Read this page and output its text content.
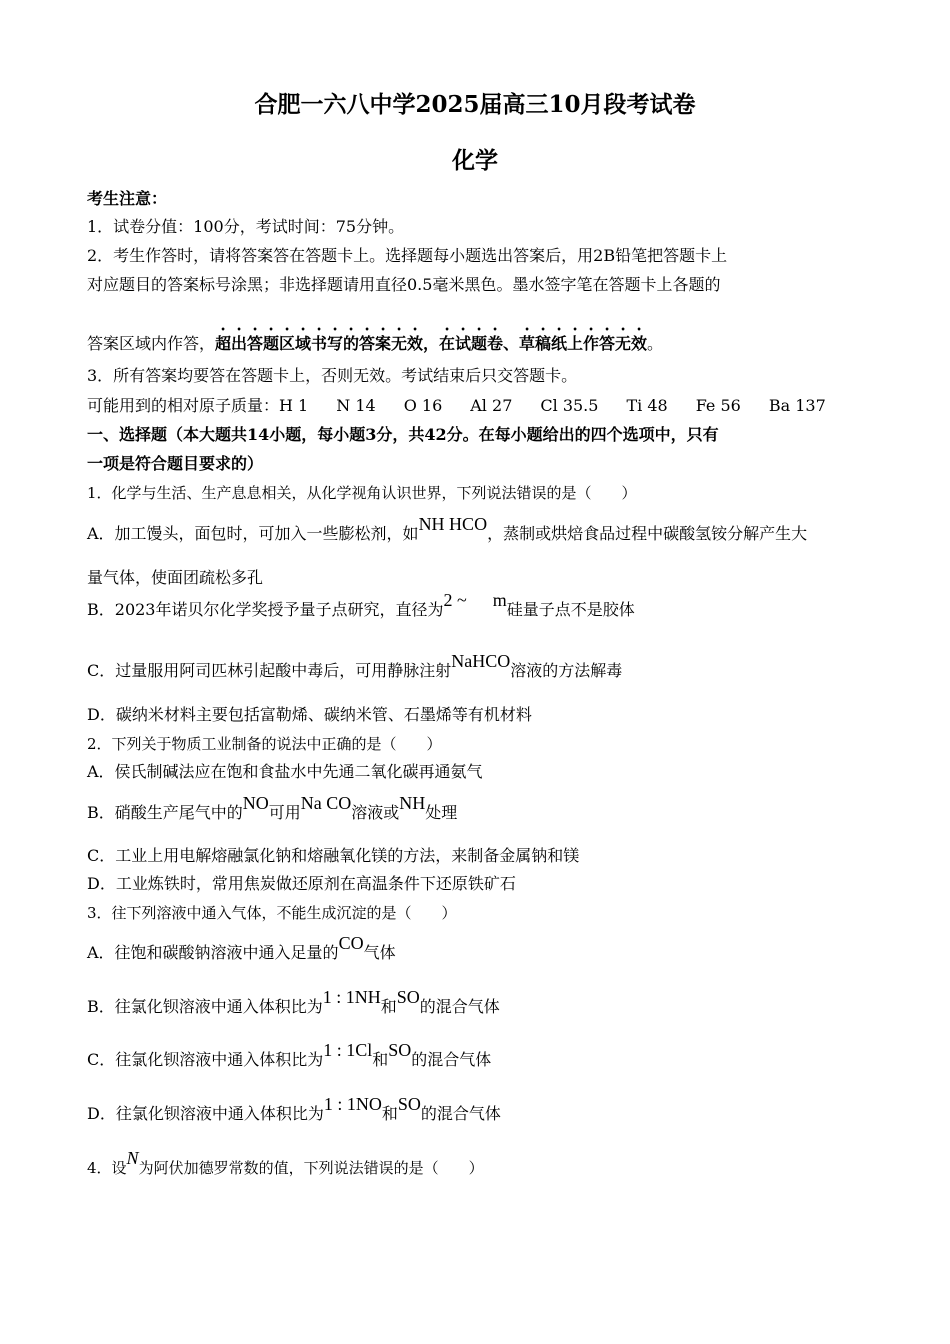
合肥一六八中学2025届高三10月段考试卷
化学
考生注意：
1．试卷分值：100分，考试时间：75分钟。
2．考生作答时，请将答案答在答题卡上。选择题每小题选出答案后，用2B铅笔把答题卡上
对应题目的答案标号涂黑；非选择题请用直径0.5毫米黑色。墨水签字笔在答题卡上各题的
答案区域内作答，超出答题区域书写的答案无效，在试题卷、草稿纸上作答无效。
3．所有答案均要答在答题卡上，否则无效。考试结束后只交答题卡。
可能用到的相对原子质量：H 1 N 14 O 16 Al 27 Cl 35.5 Ti 48 Fe 56 Ba 137
一、选择题（本大题共14小题，每小题3分，共42分。在每小题给出的四个选项中，只有
一项是符合题目要求的）
1．化学与生活、生产息息相关，从化学视角认识世界，下列说法错误的是（　　）
A．加工馒头，面包时，可加入一些膨松剂，如NH HCO，蒸制或烘焙食品过程中碳酸氢铵分解产生大
量气体，使面团疏松多孔
B．2023年诺贝尔化学奖授予量子点研究，直径为2 ~ m硅量子点不是胶体
C．过量服用阿司匹林引起酸中毒后，可用静脉注射NaHCO溶液的方法解毒
D．碳纳米材料主要包括富勒烯、碳纳米管、石墨烯等有机材料
2．下列关于物质工业制备的说法中正确的是（　　）
A．侯氏制碱法应在饱和食盐水中先通二氧化碳再通氨气
B．硝酸生产尾气中的NO可用Na CO溶液或NH处理
C．工业上用电解熔融氯化钠和熔融氧化镁的方法，来制备金属钠和镁
D．工业炼铁时，常用焦炭做还原剂在高温条件下还原铁矿石
3．往下列溶液中通入气体，不能生成沉淀的是（　　）
A．往饱和碳酸钠溶液中通入足量的CO气体
B．往氯化钡溶液中通入体积比为1 : 1NH和SO的混合气体
C．往氯化钡溶液中通入体积比为1 : 1Cl和SO的混合气体
D．往氯化钡溶液中通入体积比为1 : 1NO和SO的混合气体
4．设N为阿伏加德罗常数的值，下列说法错误的是（　　）
